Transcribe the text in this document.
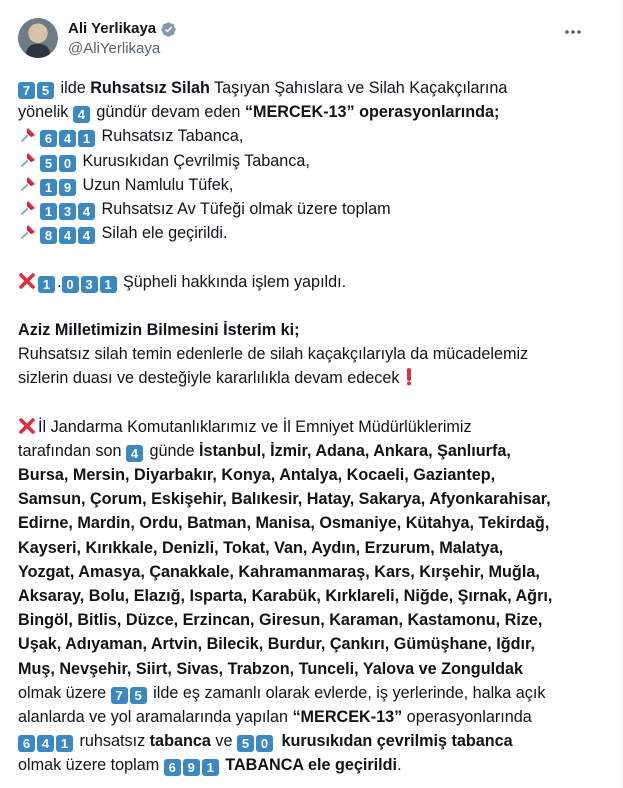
Ali Yerlikaya
@AliYerlikaya
7 5 ilde Ruhsatsız Silah Taşıyan Şahıslara ve Silah Kaçakçılarına
yönelik 4 gündür devam eden “MERCEK-13” operasyonlarında;
6 4 1 Ruhsatsız Tabanca,
5 0 Kurusıkıdan Çevrilmiş Tabanca,
1 9 Uzun Namlulu Tüfek,
1 3 4 Ruhsatsız Av Tüfeği olmak üzere toplam
8 4 4 Silah ele geçirildi.
1 . 0 3 1 Şüpheli hakkında işlem yapıldı.
Aziz Milletimizin Bilmesini İsterim ki;
Ruhsatsız silah temin edenlerle de silah kaçakçılarıyla da mücadelemiz
sizlerin duası ve desteğiyle kararlılıkla devam edecek
İl Jandarma Komutanlıklarımız ve İl Emniyet Müdürlüklerimiz
tarafından son 4 günde İstanbul, İzmir, Adana, Ankara, Şanlıurfa,
Bursa, Mersin, Diyarbakır, Konya, Antalya, Kocaeli, Gaziantep,
Samsun, Çorum, Eskişehir, Balıkesir, Hatay, Sakarya, Afyonkarahisar,
Edirne, Mardin, Ordu, Batman, Manisa, Osmaniye, Kütahya, Tekirdağ,
Kayseri, Kırıkkale, Denizli, Tokat, Van, Aydın, Erzurum, Malatya,
Yozgat, Amasya, Çanakkale, Kahramanmaraş, Kars, Kırşehir, Muğla,
Aksaray, Bolu, Elazığ, Isparta, Karabük, Kırklareli, Niğde, Şırnak, Ağrı,
Bingöl, Bitlis, Düzce, Erzincan, Giresun, Karaman, Kastamonu, Rize,
Uşak, Adıyaman, Artvin, Bilecik, Burdur, Çankırı, Gümüşhane, Iğdır,
Muş, Nevşehir, Siirt, Sivas, Trabzon, Tunceli, Yalova ve Zonguldak
olmak üzere 7 5 ilde eş zamanlı olarak evlerde, iş yerlerinde, halka açık
alanlarda ve yol aramalarında yapılan “MERCEK-13” operasyonlarında
6 4 1 ruhsatsız tabanca ve 5 0 kurusıkıdan çevrilmiş tabanca
olmak üzere toplam 6 9 1 TABANCA ele geçirildi.
